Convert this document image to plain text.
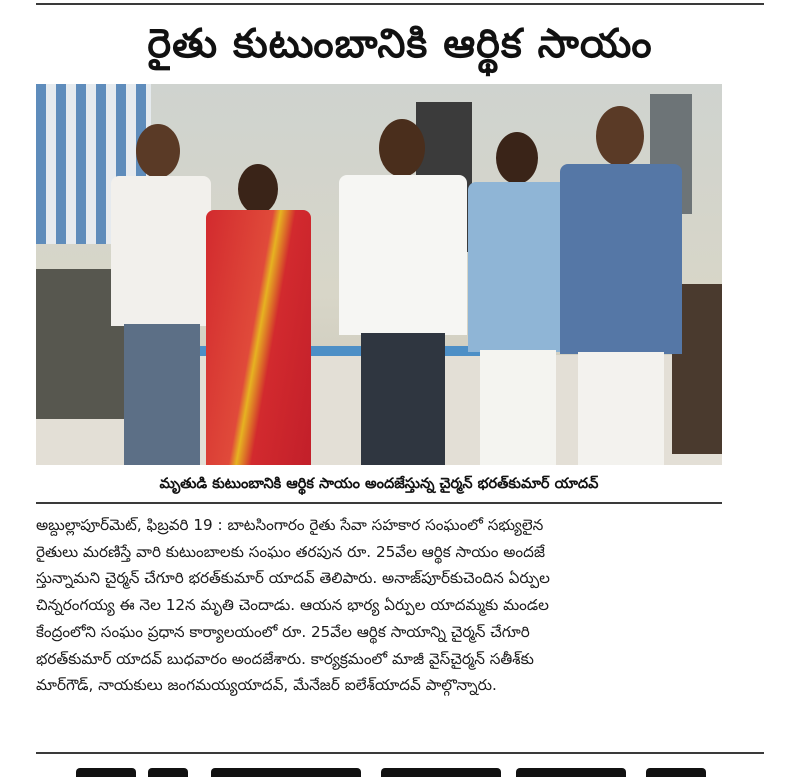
రైతు కుటుంబానికి ఆర్థిక సాయం
మృతుడి కుటుంబానికి ఆర్థిక సాయం అందజేస్తున్న చైర్మన్ భరత్‌కుమార్ యాదవ్
అబ్దుల్లాపూర్‌మెట్, ఫిబ్రవరి 19 : బాటసింగారం రైతు సేవా సహకార సంఘంలో సభ్యులైన
రైతులు మరణిస్తే వారి కుటుంబాలకు సంఘం తరపున రూ. 25వేల ఆర్థిక సాయం అందజే
స్తున్నామని చైర్మన్ చేగూరి భరత్‌కుమార్ యాదవ్ తెలిపారు. అనాజ్‌పూర్‌కుచెందిన ఏర్పుల
చిన్నరంగయ్య ఈ నెల 12న మృతి చెందాడు. ఆయన భార్య ఏర్పుల యాదమ్మకు మండల
కేంద్రంలోని సంఘం ప్రధాన కార్యాలయంలో రూ. 25వేల ఆర్థిక సాయాన్ని చైర్మన్ చేగూరి
భరత్‌కుమార్ యాదవ్ బుధవారం అందజేశారు. కార్యక్రమంలో మాజీ వైస్‌చైర్మన్ సతీశ్‌కు
మార్‌గౌడ్, నాయకులు జంగమయ్యయాదవ్, మేనేజర్ ఐలేశ్‌యాదవ్ పాల్గొన్నారు.
